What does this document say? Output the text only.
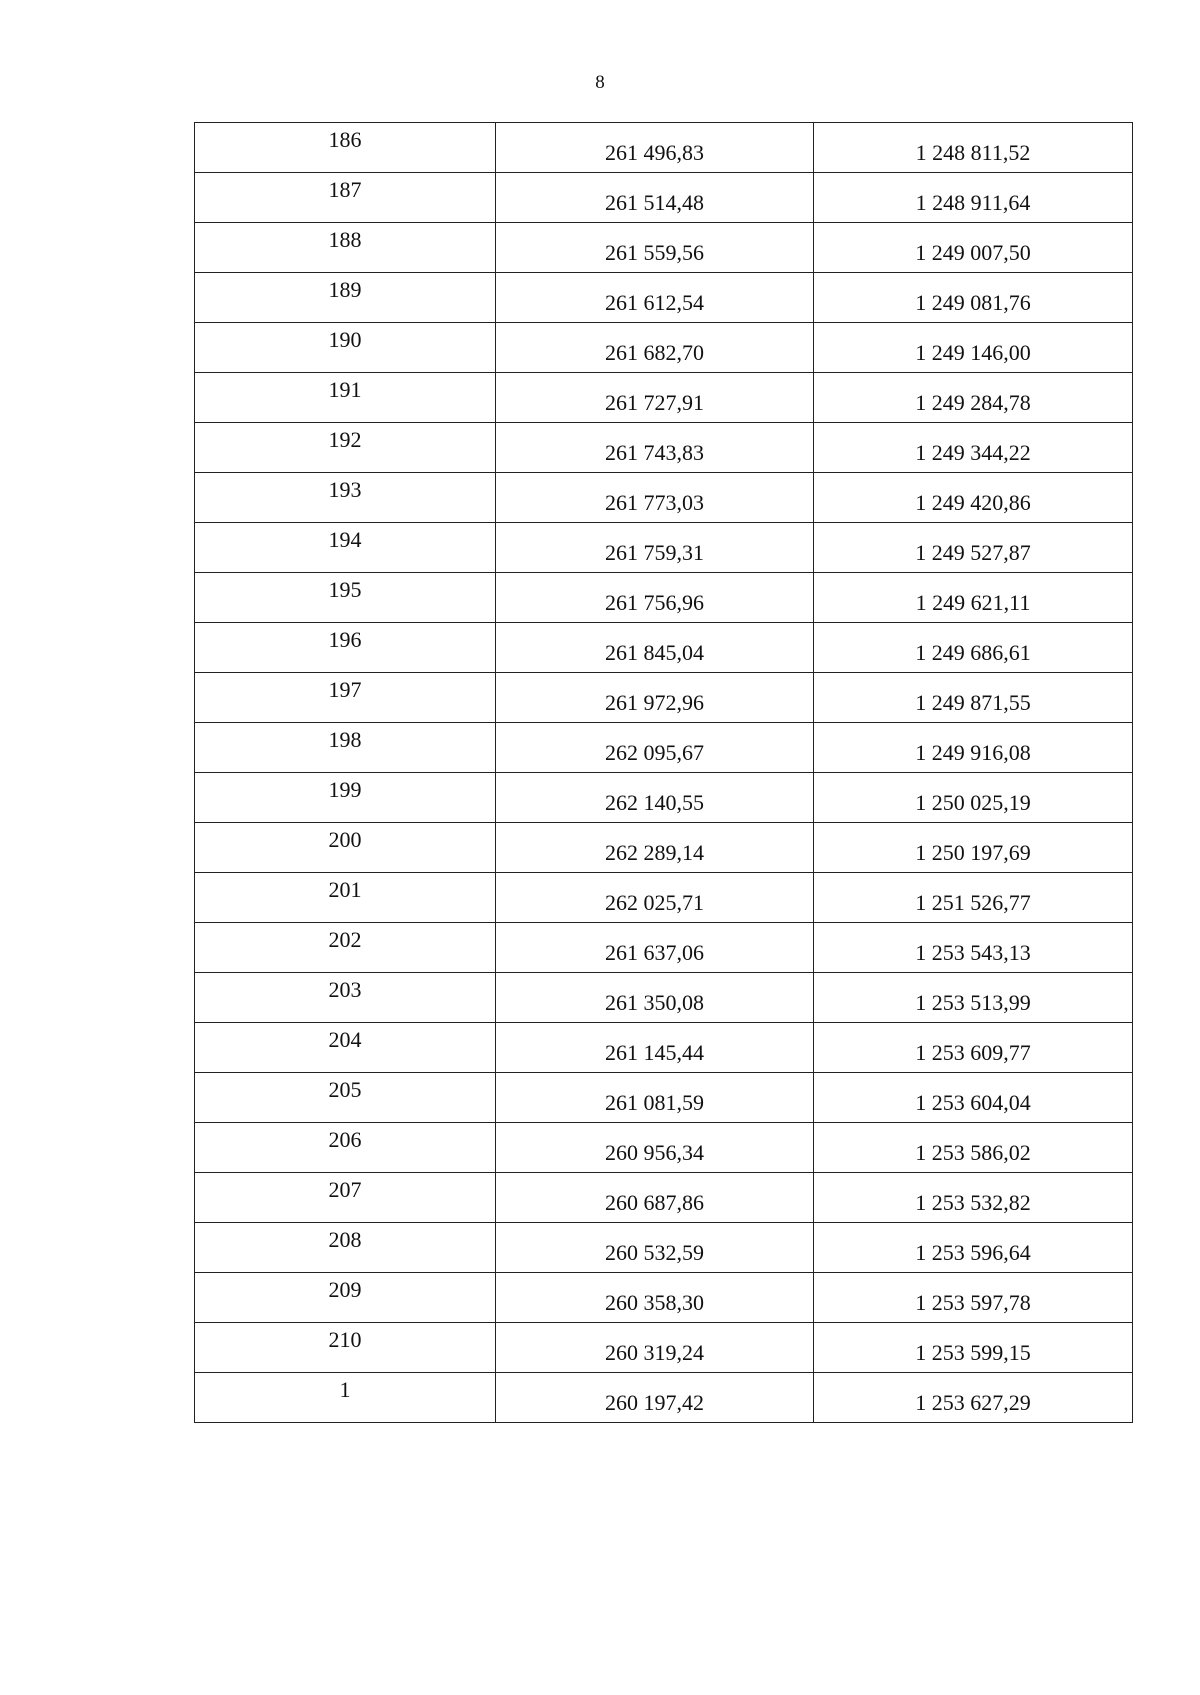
8
186	261 496,83	1 248 811,52
187	261 514,48	1 248 911,64
188	261 559,56	1 249 007,50
189	261 612,54	1 249 081,76
190	261 682,70	1 249 146,00
191	261 727,91	1 249 284,78
192	261 743,83	1 249 344,22
193	261 773,03	1 249 420,86
194	261 759,31	1 249 527,87
195	261 756,96	1 249 621,11
196	261 845,04	1 249 686,61
197	261 972,96	1 249 871,55
198	262 095,67	1 249 916,08
199	262 140,55	1 250 025,19
200	262 289,14	1 250 197,69
201	262 025,71	1 251 526,77
202	261 637,06	1 253 543,13
203	261 350,08	1 253 513,99
204	261 145,44	1 253 609,77
205	261 081,59	1 253 604,04
206	260 956,34	1 253 586,02
207	260 687,86	1 253 532,82
208	260 532,59	1 253 596,64
209	260 358,30	1 253 597,78
210	260 319,24	1 253 599,15
1	260 197,42	1 253 627,29
